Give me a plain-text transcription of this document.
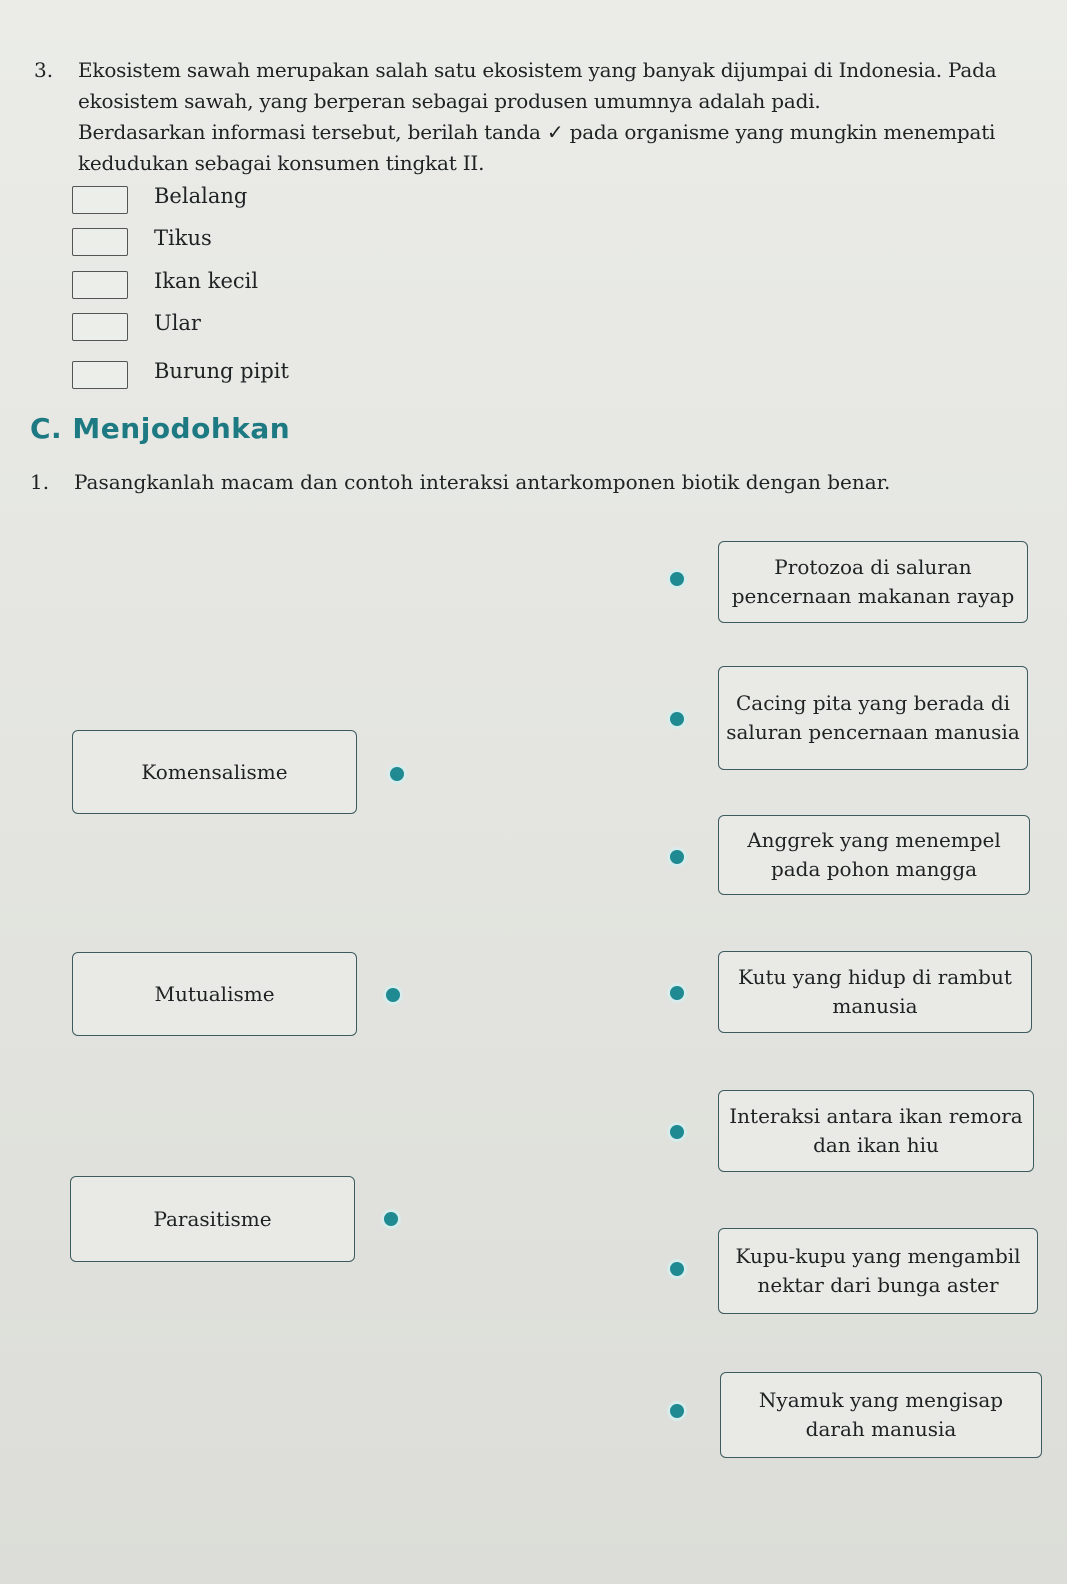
3. Ekosistem sawah merupakan salah satu ekosistem yang banyak dijumpai di Indonesia. Pada
ekosistem sawah, yang berperan sebagai produsen umumnya adalah padi.
Berdasarkan informasi tersebut, berilah tanda ✓ pada organisme yang mungkin menempati
kedudukan sebagai konsumen tingkat II.
Belalang
Tikus
Ikan kecil
Ular
Burung pipit
C. Menjodohkan
1. Pasangkanlah macam dan contoh interaksi antarkomponen biotik dengan benar.
Komensalisme
Mutualisme
Parasitisme
Protozoa di saluran pencernaan makanan rayap
Cacing pita yang berada di saluran pencernaan manusia
Anggrek yang menempel pada pohon mangga
Kutu yang hidup di rambut manusia
Interaksi antara ikan remora dan ikan hiu
Kupu-kupu yang mengambil nektar dari bunga aster
Nyamuk yang mengisap darah manusia
